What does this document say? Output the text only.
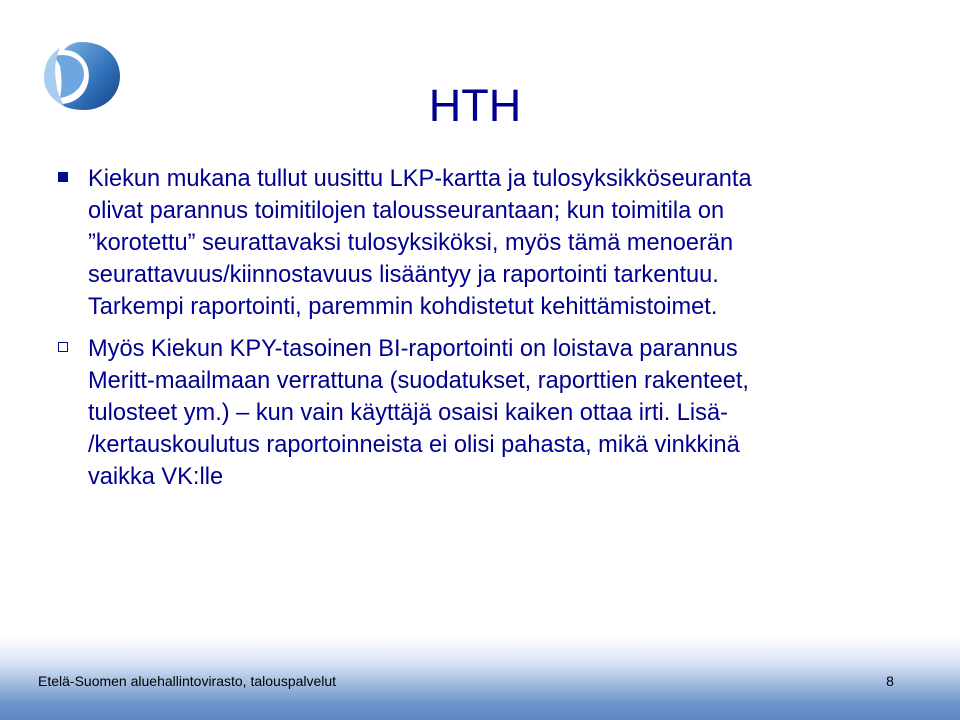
HTH
Kiekun mukana tullut uusittu LKP-kartta ja tulosyksikköseuranta
olivat parannus toimitilojen talousseurantaan; kun toimitila on
”korotettu” seurattavaksi tulosyksiköksi, myös tämä menoerän
seurattavuus/kiinnostavuus lisääntyy ja raportointi tarkentuu.
Tarkempi raportointi, paremmin kohdistetut kehittämistoimet.
Myös Kiekun KPY-tasoinen BI-raportointi on loistava parannus
Meritt-maailmaan verrattuna (suodatukset, raporttien rakenteet,
tulosteet ym.) – kun vain käyttäjä osaisi kaiken ottaa irti. Lisä-
/kertauskoulutus raportoinneista ei olisi pahasta, mikä vinkkinä
vaikka VK:lle
Etelä-Suomen aluehallintovirasto, talouspalvelut	8
